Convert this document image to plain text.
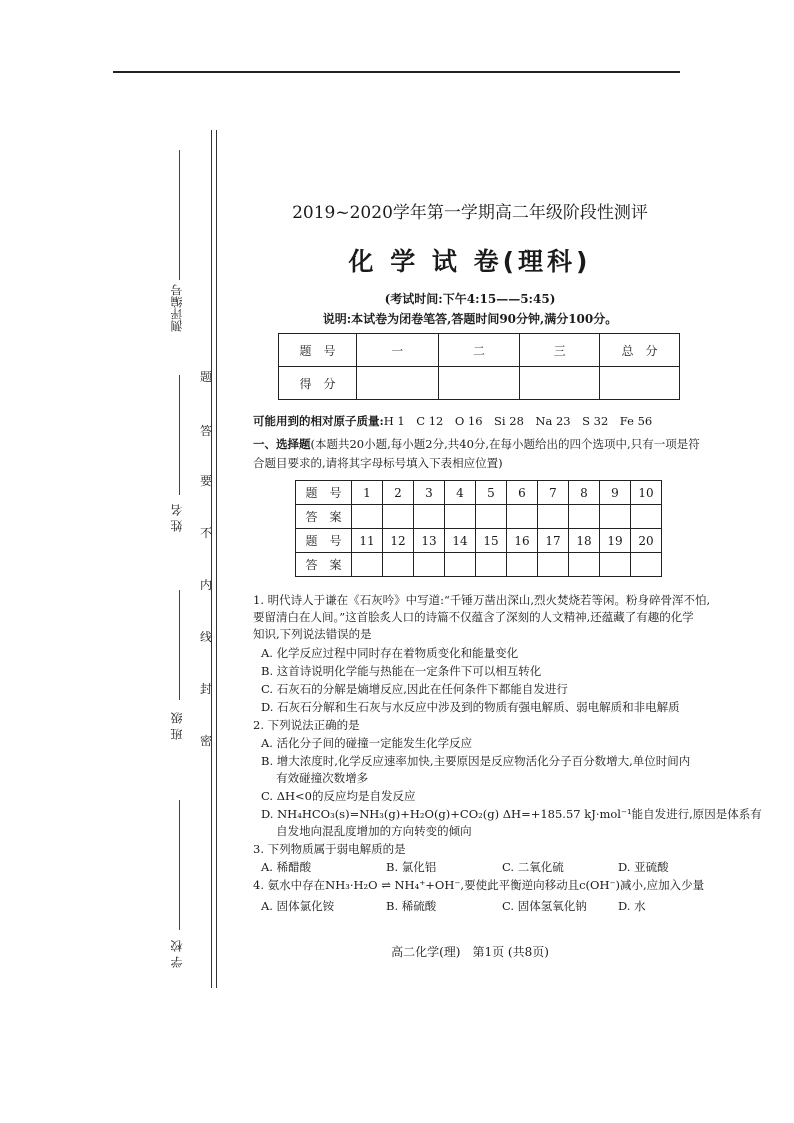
测评编号
姓 名
班 级
学 校
题
答
要
不
内
线
封
密
2019~2020学年第一学期高二年级阶段性测评
化 学 试 卷(理科)
(考试时间:下午4:15——5:45)
说明:本试卷为闭卷笔答,答题时间90分钟,满分100分。
题　号	一	二	三	总　分
得　分				
可能用到的相对原子质量:H 1　C 12　O 16　Si 28　Na 23　S 32　Fe 56
一、选择题(本题共20小题,每小题2分,共40分,在每小题给出的四个选项中,只有一项是符
合题目要求的,请将其字母标号填入下表相应位置)
题　号	1	2	3	4	5	6	7	8	9	10
答　案										
题　号	11	12	13	14	15	16	17	18	19	20
答　案										
1. 明代诗人于谦在《石灰吟》中写道:“千锤万凿出深山,烈火焚烧若等闲。粉身碎骨浑不怕,
要留清白在人间。”这首脍炙人口的诗篇不仅蕴含了深刻的人文精神,还蕴藏了有趣的化学
知识,下列说法错误的是
A. 化学反应过程中同时存在着物质变化和能量变化
B. 这首诗说明化学能与热能在一定条件下可以相互转化
C. 石灰石的分解是熵增反应,因此在任何条件下都能自发进行
D. 石灰石分解和生石灰与水反应中涉及到的物质有强电解质、弱电解质和非电解质
2. 下列说法正确的是
A. 活化分子间的碰撞一定能发生化学反应
B. 增大浓度时,化学反应速率加快,主要原因是反应物活化分子百分数增大,单位时间内
　 有效碰撞次数增多
C. ΔH<0的反应均是自发反应
D. NH₄HCO₃(s)=NH₃(g)+H₂O(g)+CO₂(g) ΔH=+185.57 kJ·mol⁻¹能自发进行,原因是体系有
　 自发地向混乱度增加的方向转变的倾向
3. 下列物质属于弱电解质的是
A. 稀醋酸	B. 氯化铝	C. 二氧化硫	D. 亚硫酸
4. 氨水中存在NH₃·H₂O ⇌ NH₄⁺+OH⁻,要使此平衡逆向移动且c(OH⁻)减小,应加入少量
A. 固体氯化铵	B. 稀硫酸	C. 固体氢氧化钠	D. 水
高二化学(理)　第1页 (共8页)
